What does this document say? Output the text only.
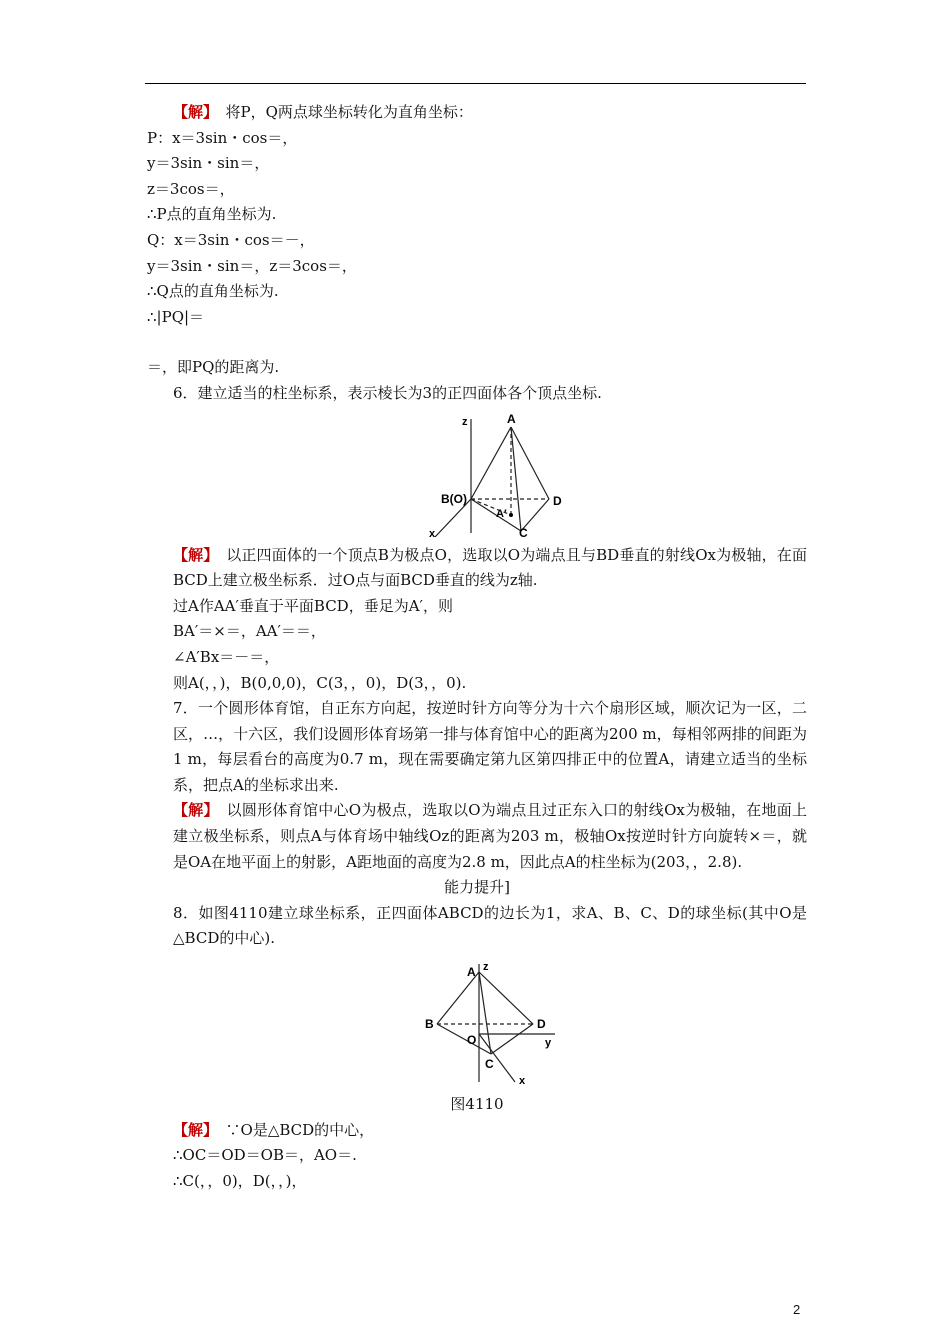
【解】　将P，Q两点球坐标转化为直角坐标：
P：x＝3sin・cos＝，
y＝3sin・sin＝，
z＝3cos＝，
∴P点的直角坐标为.
Q：x＝3sin・cos＝－，
y＝3sin・sin＝，z＝3cos＝，
∴Q点的直角坐标为.
∴|PQ|＝
＝，即PQ的距离为.
6．建立适当的柱坐标系，表示棱长为3的正四面体各个顶点坐标.
z	A
B(O)	D
A′
C
x
【解】　以正四面体的一个顶点B为极点O，选取以O为端点且与BD垂直的射线Ox为极轴，在面BCD上建立极坐标系．过O点与面BCD垂直的线为z轴.
过A作AA′垂直于平面BCD，垂足为A′，则
BA′＝×＝，AA′＝＝，
∠A′Bx＝－＝，
则A(，，)，B(0,0,0)，C(3，，0)，D(3，，0).
7．一个圆形体育馆，自正东方向起，按逆时针方向等分为十六个扇形区域，顺次记为一区，二区，…，十六区，我们设圆形体育场第一排与体育馆中心的距离为200 m，每相邻两排的间距为1 m，每层看台的高度为0.7 m，现在需要确定第九区第四排正中的位置A，请建立适当的坐标系，把点A的坐标求出来.
【解】　以圆形体育馆中心O为极点，选取以O为端点且过正东入口的射线Ox为极轴，在地面上建立极坐标系，则点A与体育场中轴线Oz的距离为203 m，极轴Ox按逆时针方向旋转×＝，就是OA在地平面上的射影，A距地面的高度为2.8 m，因此点A的柱坐标为(203，，2.8).
能力提升]
8．如图4110建立球坐标系，正四面体ABCD的边长为1，求A、B、C、D的球坐标(其中O是△BCD的中心).
A z
B	D
O	y
C
x
图4110
【解】　∵O是△BCD的中心，
∴OC＝OD＝OB＝，AO＝.
∴C(，，0)，D(，，)，
2
